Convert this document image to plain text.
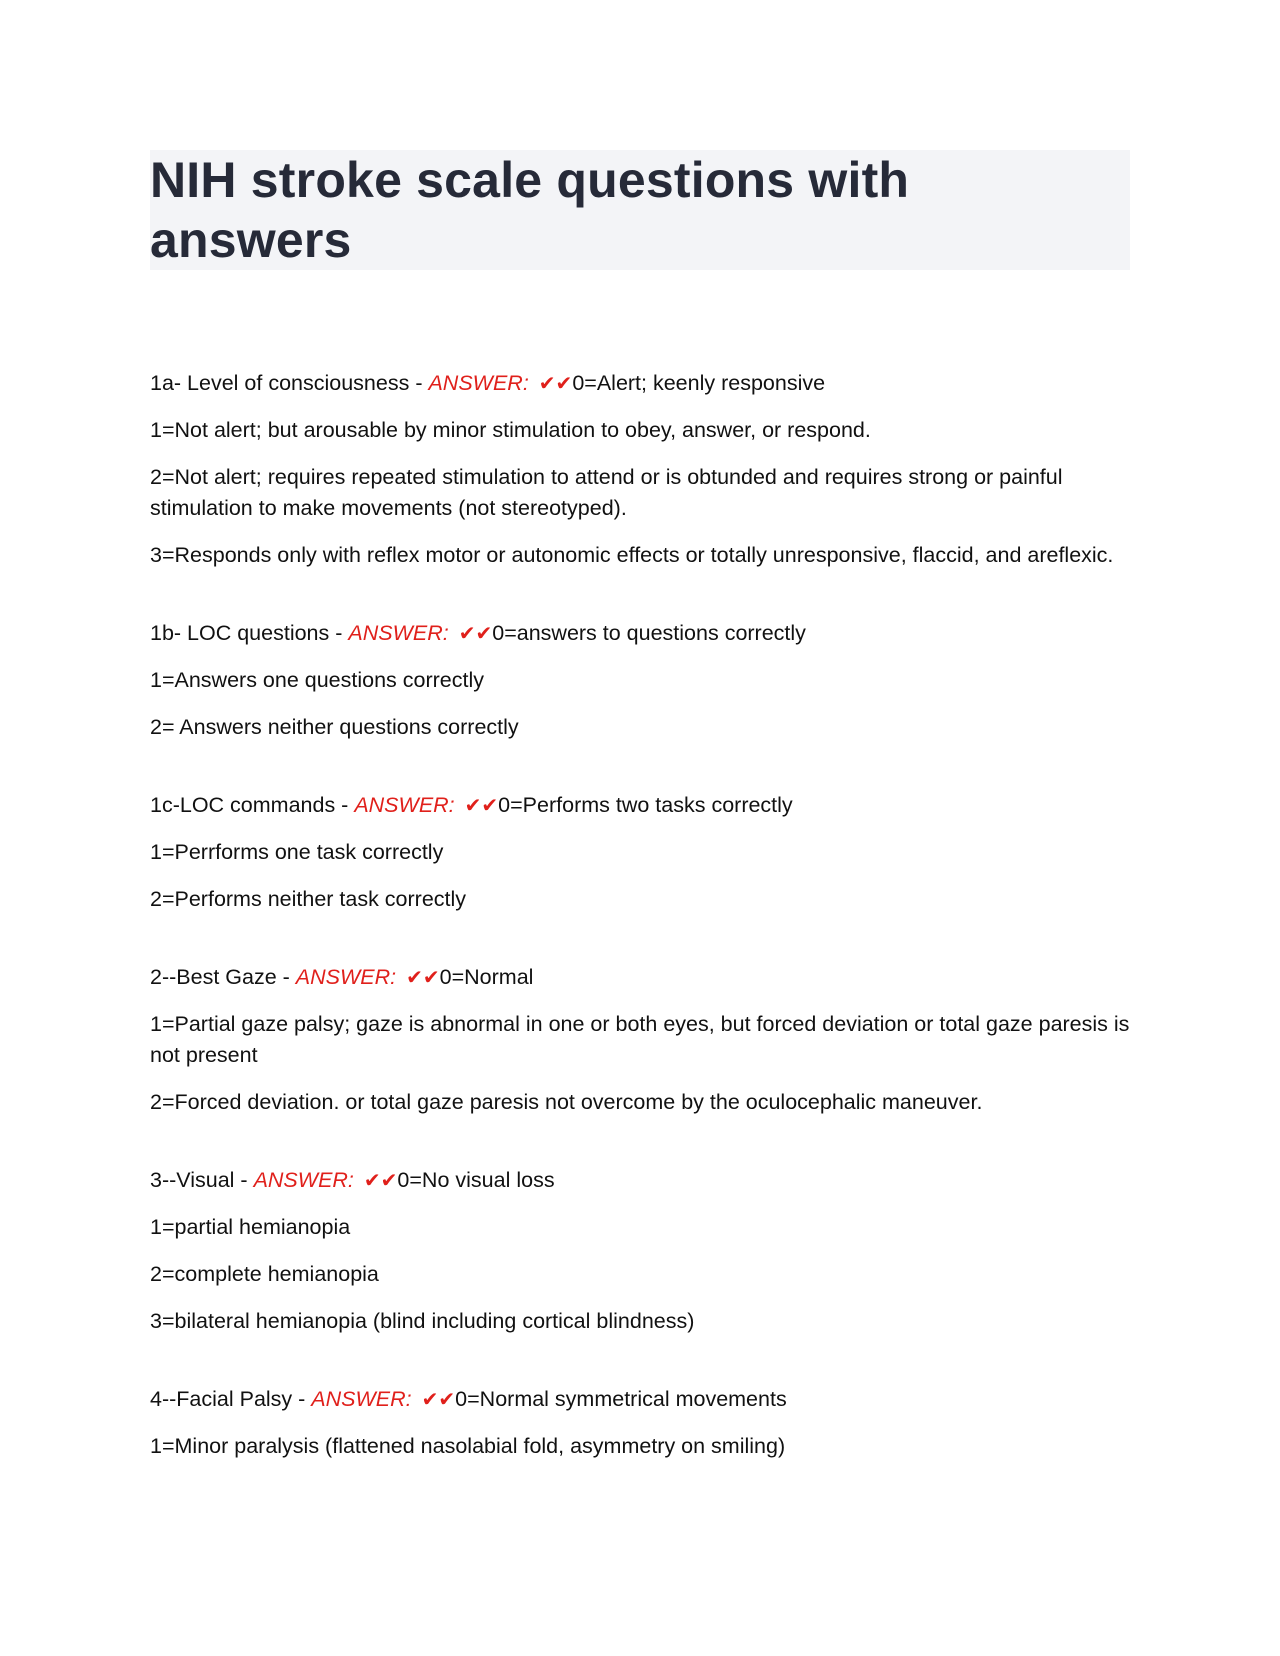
NIH stroke scale questions with answers
1a- Level of consciousness - ANSWER: ✔✔0=Alert; keenly responsive
1=Not alert; but arousable by minor stimulation to obey, answer, or respond.
2=Not alert; requires repeated stimulation to attend or is obtunded and requires strong or painful stimulation to make movements (not stereotyped).
3=Responds only with reflex motor or autonomic effects or totally unresponsive, flaccid, and areflexic.
1b- LOC questions - ANSWER: ✔✔0=answers to questions correctly
1=Answers one questions correctly
2= Answers neither questions correctly
1c-LOC commands - ANSWER: ✔✔0=Performs two tasks correctly
1=Perrforms one task correctly
2=Performs neither task correctly
2--Best Gaze - ANSWER: ✔✔0=Normal
1=Partial gaze palsy; gaze is abnormal in one or both eyes, but forced deviation or total gaze paresis is not present
2=Forced deviation. or total gaze paresis not overcome by the oculocephalic maneuver.
3--Visual - ANSWER: ✔✔0=No visual loss
1=partial hemianopia
2=complete hemianopia
3=bilateral hemianopia (blind including cortical blindness)
4--Facial Palsy - ANSWER: ✔✔0=Normal symmetrical movements
1=Minor paralysis (flattened nasolabial fold, asymmetry on smiling)
